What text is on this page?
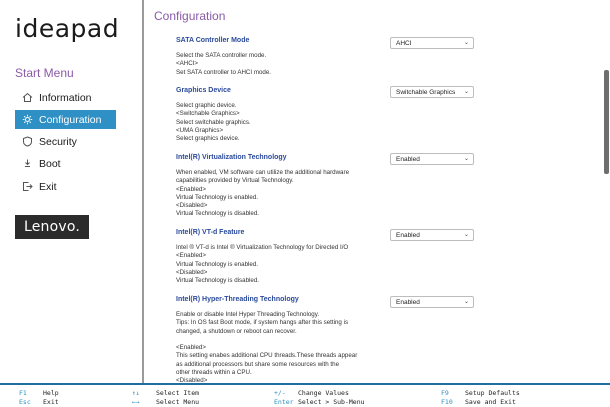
ideapad
Start Menu
Information
Configuration
Security
Boot
Exit
Lenovo.
Configuration
SATA Controller Mode
Select the SATA controller mode.
<AHCI>
Set SATA controller to AHCI mode.
AHCI	⌄
Graphics Device
Select graphic device.
<Switchable Graphics>
Select switchable graphics.
<UMA Graphics>
Select graphics device.
Switchable Graphics ⌄
Intel(R) Virtualization Technology
When enabled, VM software can utilize the additional hardware
capabilities provided by Virtual Technology.
<Enabled>
Virtual Technology is enabled.
<Disabled>
Virtual Technology is disabled.
Enabled	⌄
Intel(R) VT-d Feature
Intel ® VT-d is Intel ® Virtualization Technology for Directed I/O
<Enabled>
Virtual Technology is enabled.
<Disabled>
Virtual Technology is disabled.
Enabled	⌄
Intel(R) Hyper-Threading Technology
Enable or disable Intel Hyper Threading Technology.
Tips: In OS fast Boot mode, if system hangs after this setting is
changed, a shutdown or reboot can recover.

<Enabled>
This setting enabes additional CPU threads.These threads appear
as additional processors but share some resources with the
other threads within a CPU.
<Disabled>
Enabled	⌄
F1 Help
Esc Exit
↑↓ Select Item
←→ Select Menu
+/- Change Values
Enter Select > Sub-Menu
F9 Setup Defaults
F10 Save and Exit
